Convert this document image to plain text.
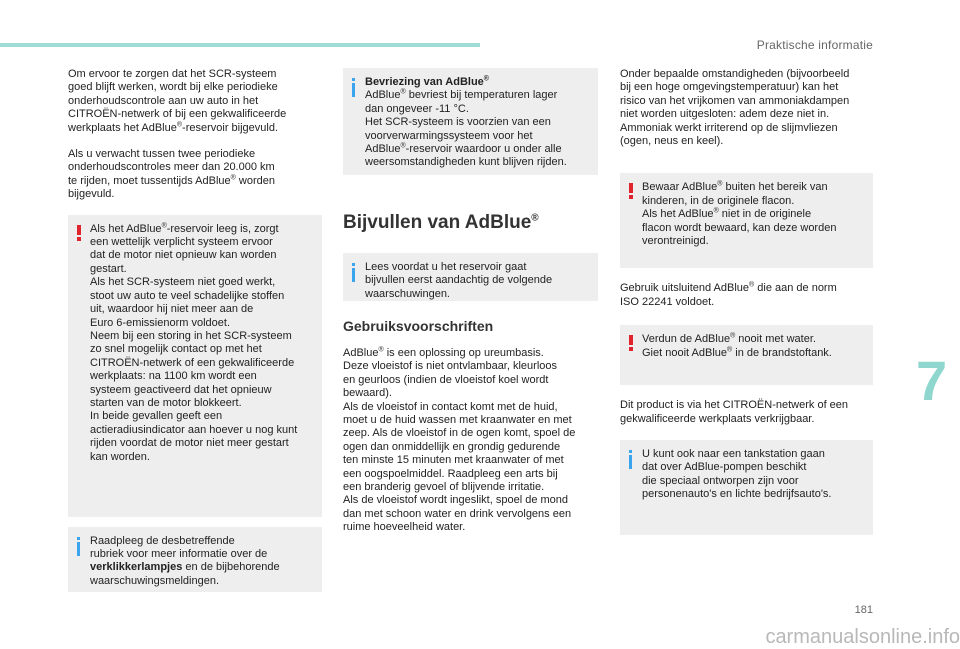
Praktische informatie

Om ervoor te zorgen dat het SCR-systeem
goed blijft werken, wordt bij elke periodieke
onderhoudscontrole aan uw auto in het
CITROËN-netwerk of bij een gekwalificeerde
werkplaats het AdBlue®-reservoir bijgevuld.

Als u verwacht tussen twee periodieke
onderhoudscontroles meer dan 20.000 km
te rijden, moet tussentijds AdBlue® worden
bijgevuld.

Als het AdBlue®-reservoir leeg is, zorgt
een wettelijk verplicht systeem ervoor
dat de motor niet opnieuw kan worden
gestart.
Als het SCR-systeem niet goed werkt,
stoot uw auto te veel schadelijke stoffen
uit, waardoor hij niet meer aan de
Euro 6-emissienorm voldoet.
Neem bij een storing in het SCR-systeem
zo snel mogelijk contact op met het
CITROËN-netwerk of een gekwalificeerde
werkplaats: na 1100 km wordt een
systeem geactiveerd dat het opnieuw
starten van de motor blokkeert.
In beide gevallen geeft een
actieradiusindicator aan hoever u nog kunt
rijden voordat de motor niet meer gestart
kan worden.
Raadpleeg de desbetreffende
rubriek voor meer informatie over de
verklikkerlampjes en de bijbehorende
waarschuwingsmeldingen.
Bevriezing van AdBlue®
AdBlue® bevriest bij temperaturen lager
dan ongeveer -11 °C.
Het SCR-systeem is voorzien van een
voorverwarmingssysteem voor het
AdBlue®-reservoir waardoor u onder alle
weersomstandigheden kunt blijven rijden.
Bijvullen van AdBlue®
Lees voordat u het reservoir gaat
bijvullen eerst aandachtig de volgende
waarschuwingen.
Gebruiksvoorschriften

AdBlue® is een oplossing op ureumbasis.
Deze vloeistof is niet ontvlambaar, kleurloos
en geurloos (indien de vloeistof koel wordt
bewaard).
Als de vloeistof in contact komt met de huid,
moet u de huid wassen met kraanwater en met
zeep. Als de vloeistof in de ogen komt, spoel de
ogen dan onmiddellijk en grondig gedurende
ten minste 15 minuten met kraanwater of met
een oogspoelmiddel. Raadpleeg een arts bij
een branderig gevoel of blijvende irritatie.
Als de vloeistof wordt ingeslikt, spoel de mond
dan met schoon water en drink vervolgens een
ruime hoeveelheid water.

Onder bepaalde omstandigheden (bijvoorbeeld
bij een hoge omgevingstemperatuur) kan het
risico van het vrijkomen van ammoniakdampen
niet worden uitgesloten: adem deze niet in.
Ammoniak werkt irriterend op de slijmvliezen
(ogen, neus en keel).

Bewaar AdBlue® buiten het bereik van
kinderen, in de originele flacon.
Als het AdBlue® niet in de originele
flacon wordt bewaard, kan deze worden
verontreinigd.

Gebruik uitsluitend AdBlue® die aan de norm
ISO 22241 voldoet.

Verdun de AdBlue® nooit met water.
Giet nooit AdBlue® in de brandstoftank.

Dit product is via het CITROËN-netwerk of een
gekwalificeerde werkplaats verkrijgbaar.

U kunt ook naar een tankstation gaan
dat over AdBlue-pompen beschikt
die speciaal ontworpen zijn voor
personenauto's en lichte bedrijfsauto's.
7
181
carmanualsonline.info
